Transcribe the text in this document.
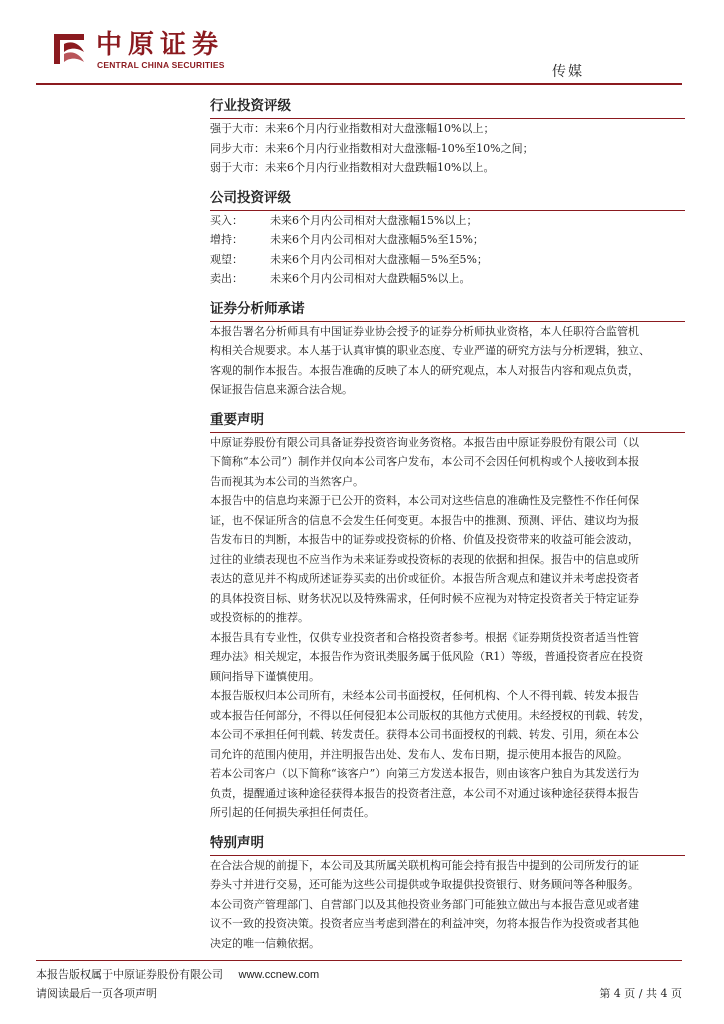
中原证券
CENTRAL CHINA SECURITIES	传媒
行业投资评级
强于大市：未来6个月内行业指数相对大盘涨幅10%以上；
同步大市：未来6个月内行业指数相对大盘涨幅-10%至10%之间；
弱于大市：未来6个月内行业指数相对大盘跌幅10%以上。
公司投资评级
买入：	未来6个月内公司相对大盘涨幅15%以上；
增持：	未来6个月内公司相对大盘涨幅5%至15%；
观望：	未来6个月内公司相对大盘涨幅－5%至5%；
卖出：	未来6个月内公司相对大盘跌幅5%以上。
证券分析师承诺
本报告署名分析师具有中国证券业协会授予的证券分析师执业资格，本人任职符合监管机
构相关合规要求。本人基于认真审慎的职业态度、专业严谨的研究方法与分析逻辑，独立、
客观的制作本报告。本报告准确的反映了本人的研究观点，本人对报告内容和观点负责，
保证报告信息来源合法合规。
重要声明
中原证券股份有限公司具备证券投资咨询业务资格。本报告由中原证券股份有限公司（以
下简称“本公司”）制作并仅向本公司客户发布，本公司不会因任何机构或个人接收到本报
告而视其为本公司的当然客户。
本报告中的信息均来源于已公开的资料，本公司对这些信息的准确性及完整性不作任何保
证，也不保证所含的信息不会发生任何变更。本报告中的推测、预测、评估、建议均为报
告发布日的判断，本报告中的证券或投资标的价格、价值及投资带来的收益可能会波动，
过往的业绩表现也不应当作为未来证券或投资标的表现的依据和担保。报告中的信息或所
表达的意见并不构成所述证券买卖的出价或征价。本报告所含观点和建议并未考虑投资者
的具体投资目标、财务状况以及特殊需求，任何时候不应视为对特定投资者关于特定证券
或投资标的的推荐。
本报告具有专业性，仅供专业投资者和合格投资者参考。根据《证券期货投资者适当性管
理办法》相关规定，本报告作为资讯类服务属于低风险（R1）等级，普通投资者应在投资
顾问指导下谨慎使用。
本报告版权归本公司所有，未经本公司书面授权，任何机构、个人不得刊载、转发本报告
或本报告任何部分，不得以任何侵犯本公司版权的其他方式使用。未经授权的刊载、转发，
本公司不承担任何刊载、转发责任。获得本公司书面授权的刊载、转发、引用，须在本公
司允许的范围内使用，并注明报告出处、发布人、发布日期，提示使用本报告的风险。
若本公司客户（以下简称“该客户”）向第三方发送本报告，则由该客户独自为其发送行为
负责，提醒通过该种途径获得本报告的投资者注意，本公司不对通过该种途径获得本报告
所引起的任何损失承担任何责任。
特别声明
在合法合规的前提下，本公司及其所属关联机构可能会持有报告中提到的公司所发行的证
券头寸并进行交易，还可能为这些公司提供或争取提供投资银行、财务顾问等各种服务。
本公司资产管理部门、自营部门以及其他投资业务部门可能独立做出与本报告意见或者建
议不一致的投资决策。投资者应当考虑到潜在的利益冲突，勿将本报告作为投资或者其他
决定的唯一信赖依据。
本报告版权属于中原证券股份有限公司 www.ccnew.com
请阅读最后一页各项声明	第 4 页 / 共 4 页
